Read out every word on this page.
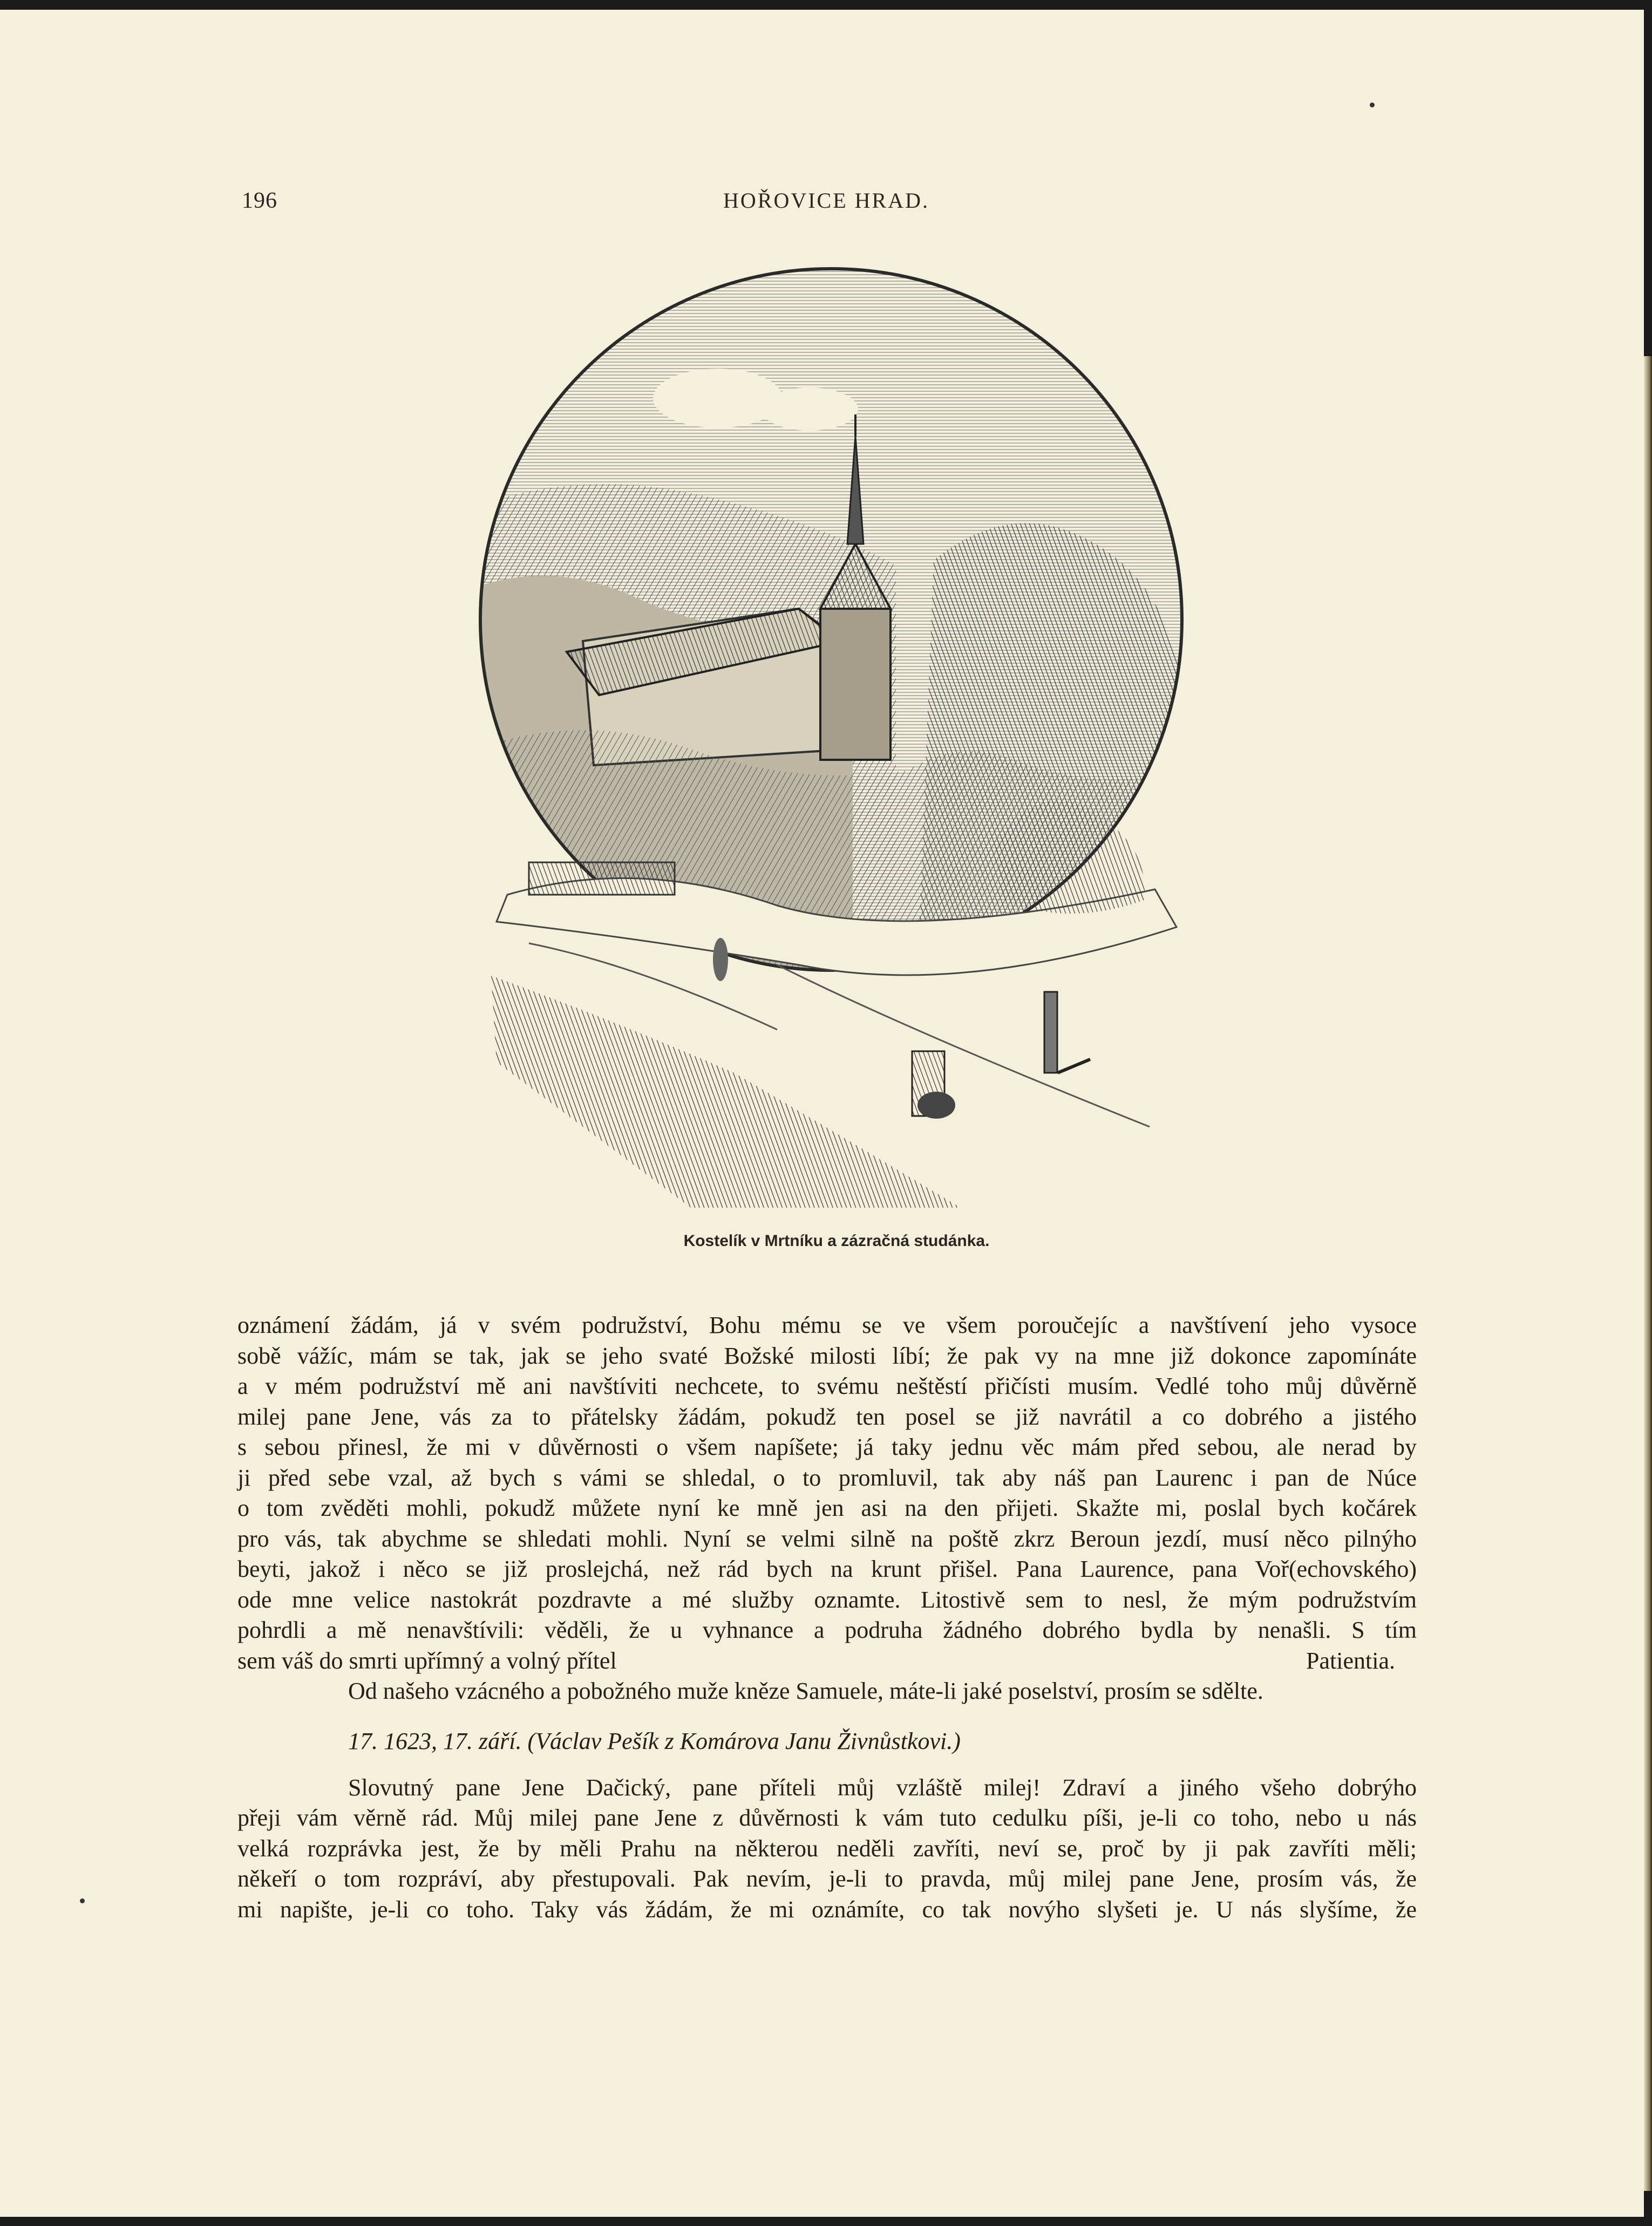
196	HOŘOVICE HRAD.
Kostelík v Mrtníku a zázračná studánka.
oznámení žádám, já v svém podružství, Bohu mému se ve všem poroučejíc a navštívení jeho vysoce
sobě vážíc, mám se tak, jak se jeho svaté Božské milosti líbí; že pak vy na mne již dokonce zapomínáte
a v mém podružství mě ani navštíviti nechcete, to svému neštěstí přičísti musím. Vedlé toho můj důvěrně
milej pane Jene, vás za to přátelsky žádám, pokudž ten posel se již navrátil a co dobrého a jistého
s sebou přinesl, že mi v důvěrnosti o všem napíšete; já taky jednu věc mám před sebou, ale nerad by
ji před sebe vzal, až bych s vámi se shledal, o to promluvil, tak aby náš pan Laurenc i pan de Núce
o tom zvěděti mohli, pokudž můžete nyní ke mně jen asi na den přijeti. Skažte mi, poslal bych kočárek
pro vás, tak abychme se shledati mohli. Nyní se velmi silně na poště zkrz Beroun jezdí, musí něco pilnýho
beyti, jakož i něco se již proslejchá, než rád bych na krunt přišel. Pana Laurence, pana Voř(echovského)
ode mne velice nastokrát pozdravte a mé služby oznamte. Litostivě sem to nesl, že mým podružstvím
pohrdli a mě nenavštívili: věděli, že u vyhnance a podruha žádného dobrého bydla by nenašli. S tím
sem váš do smrti upřímný a volný přítel	Patientia.
Od našeho vzácného a pobožného muže kněze Samuele, máte-li jaké poselství, prosím se sdělte.
17. 1623, 17. září. (Václav Pešík z Komárova Janu Živnůstkovi.)
Slovutný pane Jene Dačický, pane příteli můj vzláště milej! Zdraví a jiného všeho dobrýho
přeji vám věrně rád. Můj milej pane Jene z důvěrnosti k vám tuto cedulku píši, je-li co toho, nebo u nás
velká rozprávka jest, že by měli Prahu na některou neděli zavříti, neví se, proč by ji pak zavříti měli;
někeří o tom rozpráví, aby přestupovali. Pak nevím, je-li to pravda, můj milej pane Jene, prosím vás, že
mi napište, je-li co toho. Taky vás žádám, že mi oznámíte, co tak novýho slyšeti je. U nás slyšíme, že
